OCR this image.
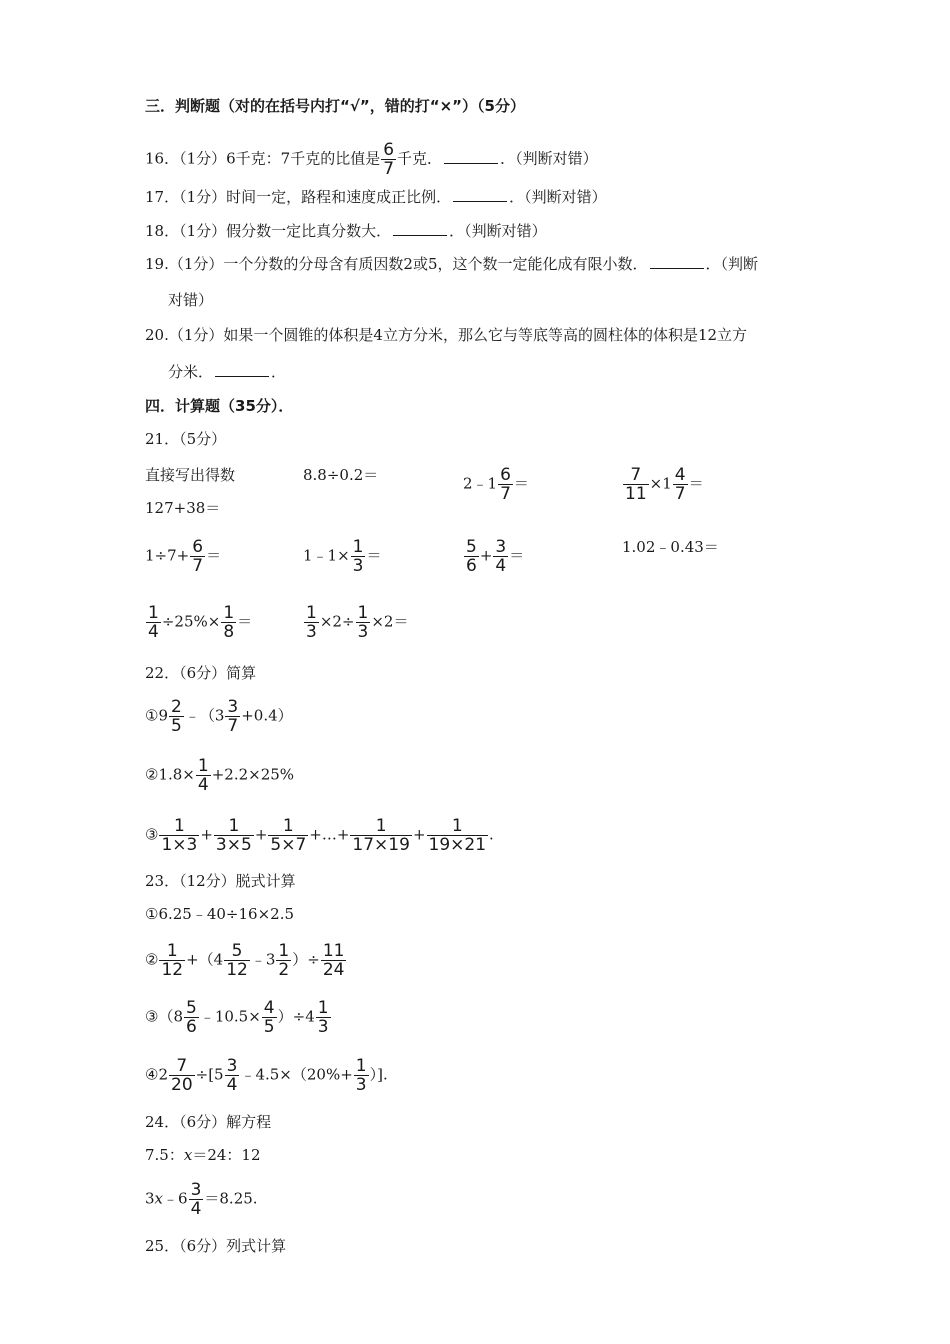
三．判断题（对的在括号内打“√”，错的打“×”）（5分）
16．（1分）6千克：7千克的比值是 $\frac{6}{7}$ 千克．	．（判断对错）
17．（1分）时间一定，路程和速度成正比例．	．（判断对错）
18．（1分）假分数一定比真分数大．	．（判断对错）
19.（1分）一个分数的分母含有质因数2或5，这个数一定能化成有限小数．	．（判断
对错）
20.（1分）如果一个圆锥的体积是4立方分米，那么它与等底等高的圆柱体的体积是12立方
分米．	．
四．计算题（35分）．
21．（5分）
直接写出得数	8.8÷0.2＝	2﹣1 $\frac{6}{7}$ ＝	$\frac{7}{11} \times 1 \frac{4}{7}$ ＝
127+38＝
$1\div 7+ \frac{6}{7}$ ＝	1﹣1× $\frac{1}{3}$ ＝	$\frac{5}{6} + \frac{3}{4}$ ＝	1.02﹣0.43＝
$\frac{1}{4} \div 25\%\times \frac{1}{8}$ ＝	$\frac{1}{3} \times 2\div \frac{1}{3} \times 2=$
22．（6分）简算
①9 $\frac{2}{5}$ ﹣（3 $\frac{3}{7} +0.4$）
②1.8× $\frac{1}{4} +2.2\times 25\%$
③ $\frac{1}{1\times 3} + \frac{1}{3\times 5} + \frac{1}{5\times 7}$ +…+ $\frac{1}{17\times 19} + \frac{1}{19\times 21}$ .
23．（12分）脱式计算
①6.25﹣40÷16×2.5
② $\frac{1}{12} +(4 \frac{5}{12}$ ﹣3 $\frac{1}{2}$ ）÷ $\frac{11}{24}$
③（8 $\frac{5}{6}$ ﹣10.5× $\frac{4}{5} )\div 4 \frac{1}{3}$
④2 $\frac{7}{20} \div[5 \frac{3}{4}$ ﹣4.5×（20%+ $\frac{1}{3}$ ）].
24．（6分）解方程
7.5：x＝24：12
3x﹣6 $\frac{3}{4} =8.25$.
25．（6分）列式计算
